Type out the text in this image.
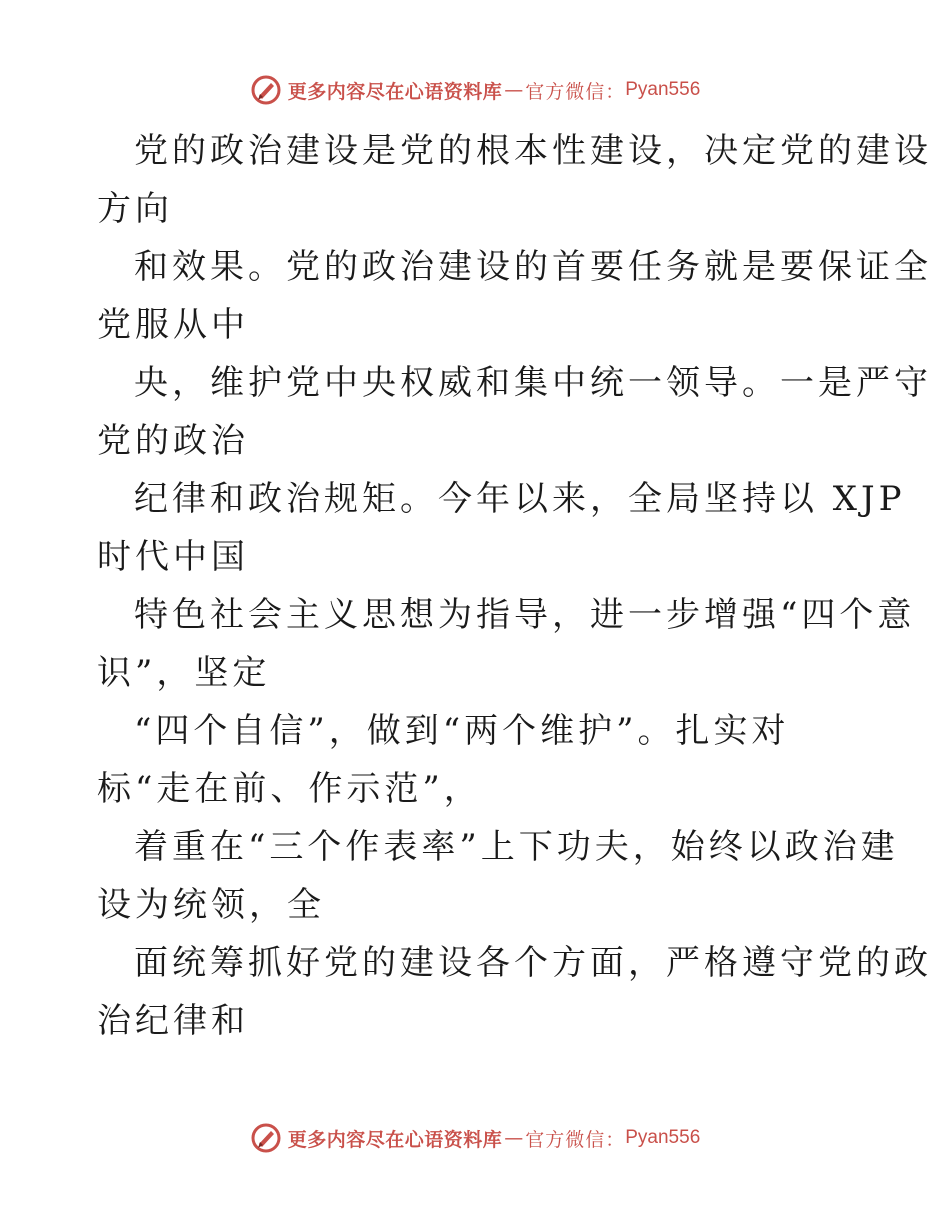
更多内容尽在心语资料库 — 官方微信： Pyan556
党的政治建设是党的根本性建设，决定党的建设
方向
和效果。党的政治建设的首要任务就是要保证全
党服从中
央，维护党中央权威和集中统一领导。一是严守
党的政治
纪律和政治规矩。今年以来，全局坚持以 XJP
时代中国
特色社会主义思想为指导，进一步增强“四个意
识”，坚定
“四个自信”，做到“两个维护”。扎实对
标“走在前、作示范”，
着重在“三个作表率”上下功夫，始终以政治建
设为统领，全
面统筹抓好党的建设各个方面，严格遵守党的政
治纪律和
更多内容尽在心语资料库 — 官方微信： Pyan556
